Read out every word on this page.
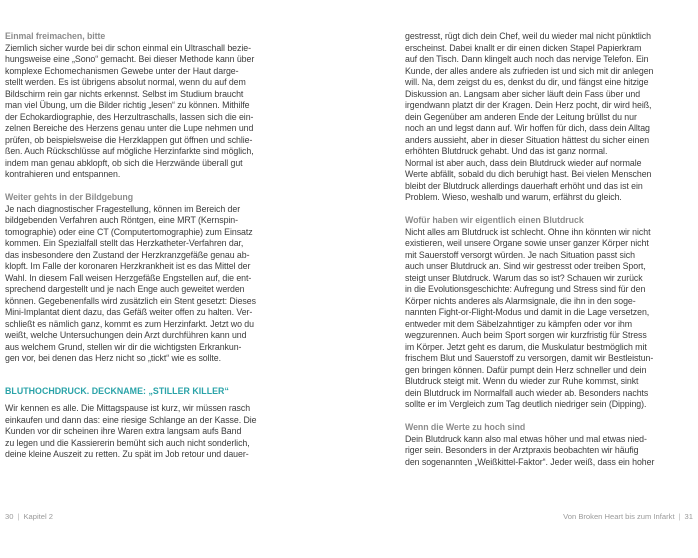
Einmal freimachen, bitte
Ziemlich sicher wurde bei dir schon einmal ein Ultraschall bezie-
hungsweise eine „Sono“ gemacht. Bei dieser Methode kann über
komplexe Echomechanismen Gewebe unter der Haut darge-
stellt werden. Es ist übrigens absolut normal, wenn du auf dem
Bildschirm rein gar nichts erkennst. Selbst im Studium braucht
man viel Übung, um die Bilder richtig „lesen“ zu können. Mithilfe
der Echokardiographie, des Herzultraschalls, lassen sich die ein-
zelnen Bereiche des Herzens genau unter die Lupe nehmen und
prüfen, ob beispielsweise die Herzklappen gut öffnen und schlie-
ßen. Auch Rückschlüsse auf mögliche Herzinfarkte sind möglich,
indem man genau abklopft, ob sich die Herzwände überall gut
kontrahieren und entspannen.
Weiter gehts in der Bildgebung
Je nach diagnostischer Fragestellung, können im Bereich der
bildgebenden Verfahren auch Röntgen, eine MRT (Kernspin-
tomographie) oder eine CT (Computertomographie) zum Einsatz
kommen. Ein Spezialfall stellt das Herzkatheter-Verfahren dar,
das insbesondere den Zustand der Herzkranzgefäße genau ab-
klopft. Im Falle der koronaren Herzkrankheit ist es das Mittel der
Wahl. In diesem Fall weisen Herzgefäße Engstellen auf, die ent-
sprechend dargestellt und je nach Enge auch geweitet werden
können. Gegebenenfalls wird zusätzlich ein Stent gesetzt: Dieses
Mini-Implantat dient dazu, das Gefäß weiter offen zu halten. Ver-
schließt es nämlich ganz, kommt es zum Herzinfarkt. Jetzt wo du
weißt, welche Untersuchungen dein Arzt durchführen kann und
aus welchem Grund, stellen wir dir die wichtigsten Erkrankun-
gen vor, bei denen das Herz nicht so „tickt“ wie es sollte.
BLUTHOCHDRUCK. DECKNAME: „STILLER KILLER“
Wir kennen es alle. Die Mittagspause ist kurz, wir müssen rasch
einkaufen und dann das: eine riesige Schlange an der Kasse. Die
Kunden vor dir scheinen ihre Waren extra langsam aufs Band
zu legen und die Kassiererin bemüht sich auch nicht sonderlich,
deine kleine Auszeit zu retten. Zu spät im Job retour und dauer-
30 | Kapitel 2
gestresst, rügt dich dein Chef, weil du wieder mal nicht pünktlich
erscheinst. Dabei knallt er dir einen dicken Stapel Papierkram
auf den Tisch. Dann klingelt auch noch das nervige Telefon. Ein
Kunde, der alles andere als zufrieden ist und sich mit dir anlegen
will. Na, dem zeigst du es, denkst du dir, und fängst eine hitzige
Diskussion an. Langsam aber sicher läuft dein Fass über und
irgendwann platzt dir der Kragen. Dein Herz pocht, dir wird heiß,
dein Gegenüber am anderen Ende der Leitung brüllst du nur
noch an und legst dann auf. Wir hoffen für dich, dass dein Alltag
anders aussieht, aber in dieser Situation hättest du sicher einen
erhöhten Blutdruck gehabt. Und das ist ganz normal.
Normal ist aber auch, dass dein Blutdruck wieder auf normale
Werte abfällt, sobald du dich beruhigt hast. Bei vielen Menschen
bleibt der Blutdruck allerdings dauerhaft erhöht und das ist ein
Problem. Wieso, weshalb und warum, erfährst du gleich.
Wofür haben wir eigentlich einen Blutdruck
Nicht alles am Blutdruck ist schlecht. Ohne ihn könnten wir nicht
existieren, weil unsere Organe sowie unser ganzer Körper nicht
mit Sauerstoff versorgt würden. Je nach Situation passt sich
auch unser Blutdruck an. Sind wir gestresst oder treiben Sport,
steigt unser Blutdruck. Warum das so ist? Schauen wir zurück
in die Evolutionsgeschichte: Aufregung und Stress sind für den
Körper nichts anderes als Alarmsignale, die ihn in den soge-
nannten Fight-or-Flight-Modus und damit in die Lage versetzen,
entweder mit dem Säbelzahntiger zu kämpfen oder vor ihm
wegzurennen. Auch beim Sport sorgen wir kurzfristig für Stress
im Körper. Jetzt geht es darum, die Muskulatur bestmöglich mit
frischem Blut und Sauerstoff zu versorgen, damit wir Bestleistun-
gen bringen können. Dafür pumpt dein Herz schneller und dein
Blutdruck steigt mit. Wenn du wieder zur Ruhe kommst, sinkt
dein Blutdruck im Normalfall auch wieder ab. Besonders nachts
sollte er im Vergleich zum Tag deutlich niedriger sein (Dipping).
Wenn die Werte zu hoch sind
Dein Blutdruck kann also mal etwas höher und mal etwas nied-
riger sein. Besonders in der Arztpraxis beobachten wir häufig
den sogenannten „Weißkittel-Faktor“. Jeder weiß, dass ein hoher
Von Broken Heart bis zum Infarkt | 31
